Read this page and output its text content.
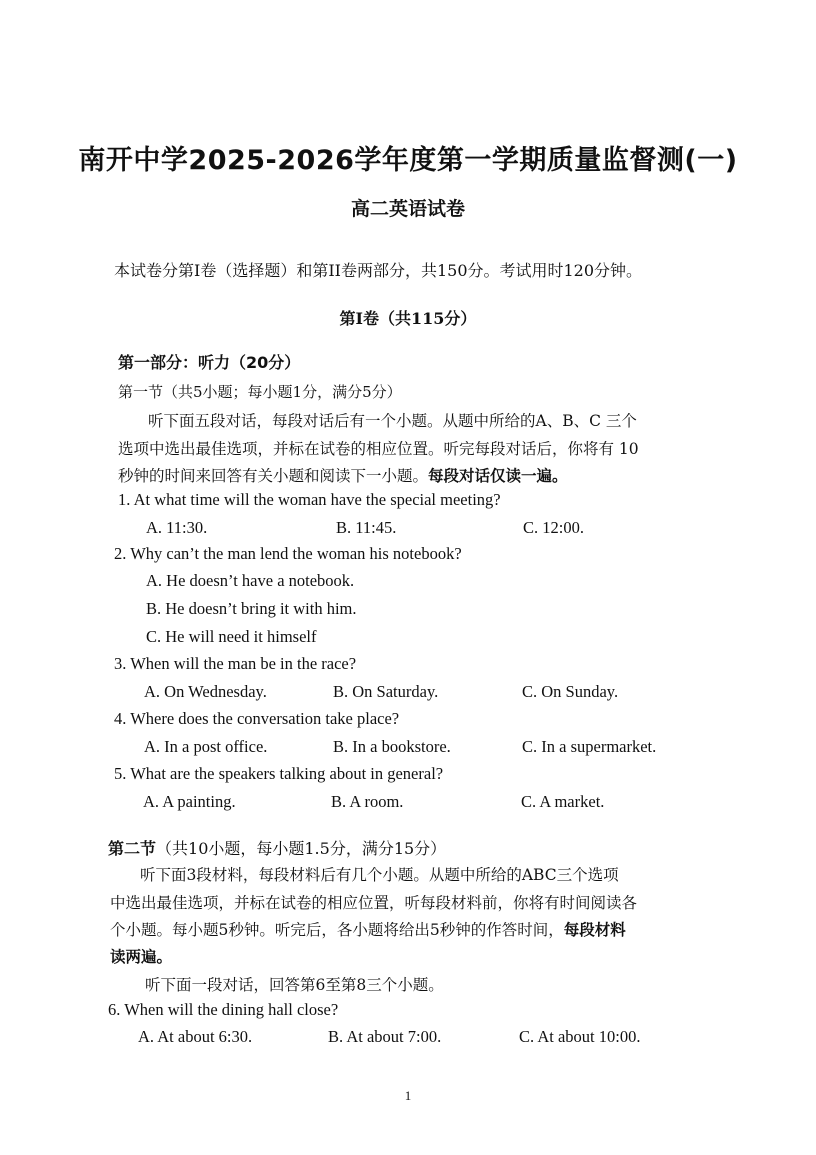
南开中学2025-2026学年度第一学期质量监督测(一)
高二英语试卷
本试卷分第Ⅰ卷（选择题）和第II卷两部分，共150分。考试用时120分钟。
第Ⅰ卷（共115分）
第一部分：听力（20分）
第一节（共5小题；每小题1分，满分5分）
听下面五段对话，每段对话后有一个小题。从题中所给的A、B、C 三个
选项中选出最佳选项，并标在试卷的相应位置。听完每段对话后，你将有 10
秒钟的时间来回答有关小题和阅读下一小题。每段对话仅读一遍。
1. At what time will the woman have the special meeting?
A. 11:30.	B. 11:45.	C. 12:00.
2. Why can’t the man lend the woman his notebook?
A. He doesn’t have a notebook.
B. He doesn’t bring it with him.
C. He will need it himself
3. When will the man be in the race?
A. On Wednesday.	B. On Saturday.	C. On Sunday.
4. Where does the conversation take place?
A. In a post office.	B. In a bookstore.	C. In a supermarket.
5. What are the speakers talking about in general?
A. A painting.	B. A room.	C. A market.
第二节（共10小题，每小题1.5分，满分15分）
听下面3段材料，每段材料后有几个小题。从题中所给的ABC三个选项
中选出最佳选项，并标在试卷的相应位置，听每段材料前，你将有时间阅读各
个小题。每小题5秒钟。听完后，各小题将给出5秒钟的作答时间，每段材料
读两遍。
听下面一段对话，回答第6至第8三个小题。
6. When will the dining hall close?
A. At about 6:30.	B. At about 7:00.	C. At about 10:00.
1
